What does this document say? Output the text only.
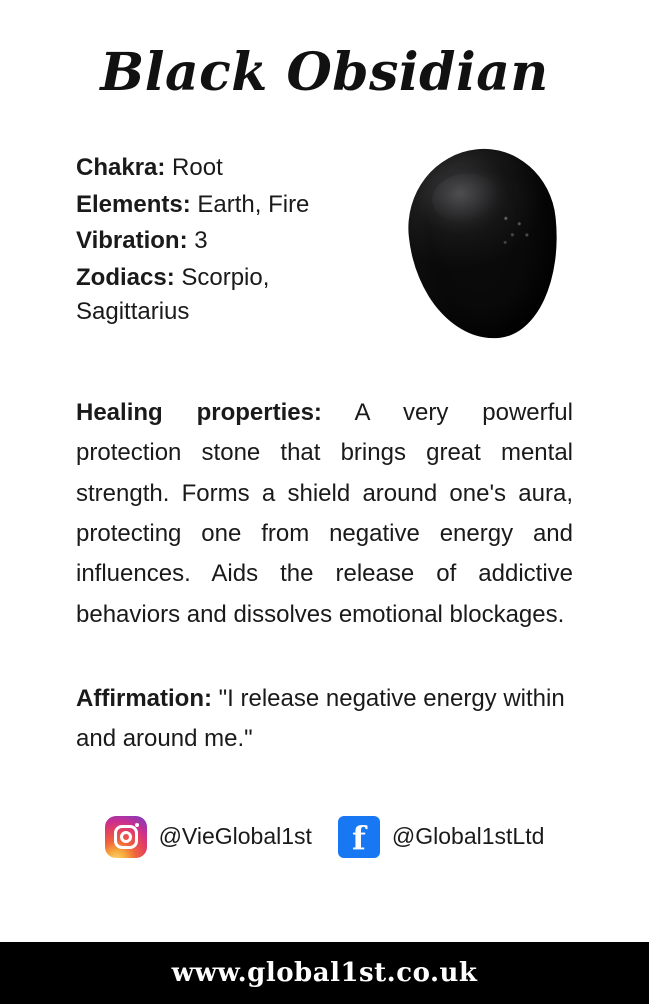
Black Obsidian

Chakra: Root

Elements: Earth, Fire

Vibration: 3

Zodiacs: Scorpio, Sagittarius

Healing properties: A very powerful protection stone that brings great mental strength. Forms a shield around one's aura, protecting one from negative energy and influences. Aids the release of addictive behaviors and dissolves emotional blockages.

Affirmation: "I release negative energy within and around me."

@VieGlobal1st	f	@Global1stLtd
www.global1st.co.uk
